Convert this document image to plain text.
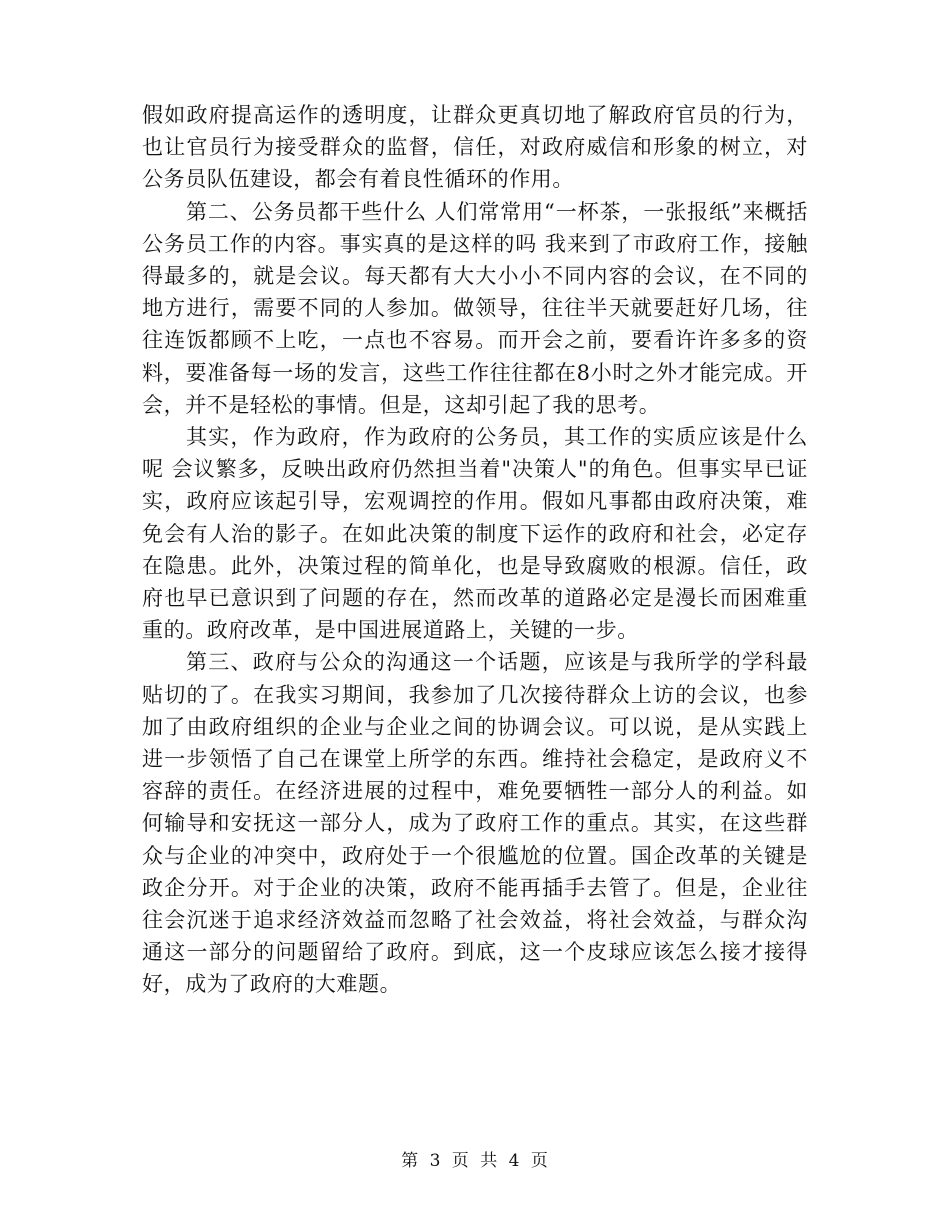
假如政府提高运作的透明度，让群众更真切地了解政府官员的行为，也让官员行为接受群众的监督，信任，对政府威信和形象的树立，对公务员队伍建设，都会有着良性循环的作用。

第二、公务员都干些什么 人们常常用“一杯茶，一张报纸”来概括公务员工作的内容。事实真的是这样的吗 我来到了市政府工作，接触得最多的，就是会议。每天都有大大小小不同内容的会议，在不同的地方进行，需要不同的人参加。做领导，往往半天就要赶好几场，往往连饭都顾不上吃，一点也不容易。而开会之前，要看许许多多的资料，要准备每一场的发言，这些工作往往都在8小时之外才能完成。开会，并不是轻松的事情。但是，这却引起了我的思考。

其实，作为政府，作为政府的公务员，其工作的实质应该是什么呢 会议繁多，反映出政府仍然担当着"决策人"的角色。但事实早已证实，政府应该起引导，宏观调控的作用。假如凡事都由政府决策，难免会有人治的影子。在如此决策的制度下运作的政府和社会，必定存在隐患。此外，决策过程的简单化，也是导致腐败的根源。信任，政府也早已意识到了问题的存在，然而改革的道路必定是漫长而困难重重的。政府改革，是中国进展道路上，关键的一步。

第三、政府与公众的沟通这一个话题，应该是与我所学的学科最贴切的了。在我实习期间，我参加了几次接待群众上访的会议，也参加了由政府组织的企业与企业之间的协调会议。可以说，是从实践上进一步领悟了自己在课堂上所学的东西。维持社会稳定，是政府义不容辞的责任。在经济进展的过程中，难免要牺牲一部分人的利益。如何输导和安抚这一部分人，成为了政府工作的重点。其实，在这些群众与企业的冲突中，政府处于一个很尴尬的位置。国企改革的关键是政企分开。对于企业的决策，政府不能再插手去管了。但是，企业往往会沉迷于追求经济效益而忽略了社会效益，将社会效益，与群众沟通这一部分的问题留给了政府。到底，这一个皮球应该怎么接才接得好，成为了政府的大难题。

第 3 页 共 4 页
